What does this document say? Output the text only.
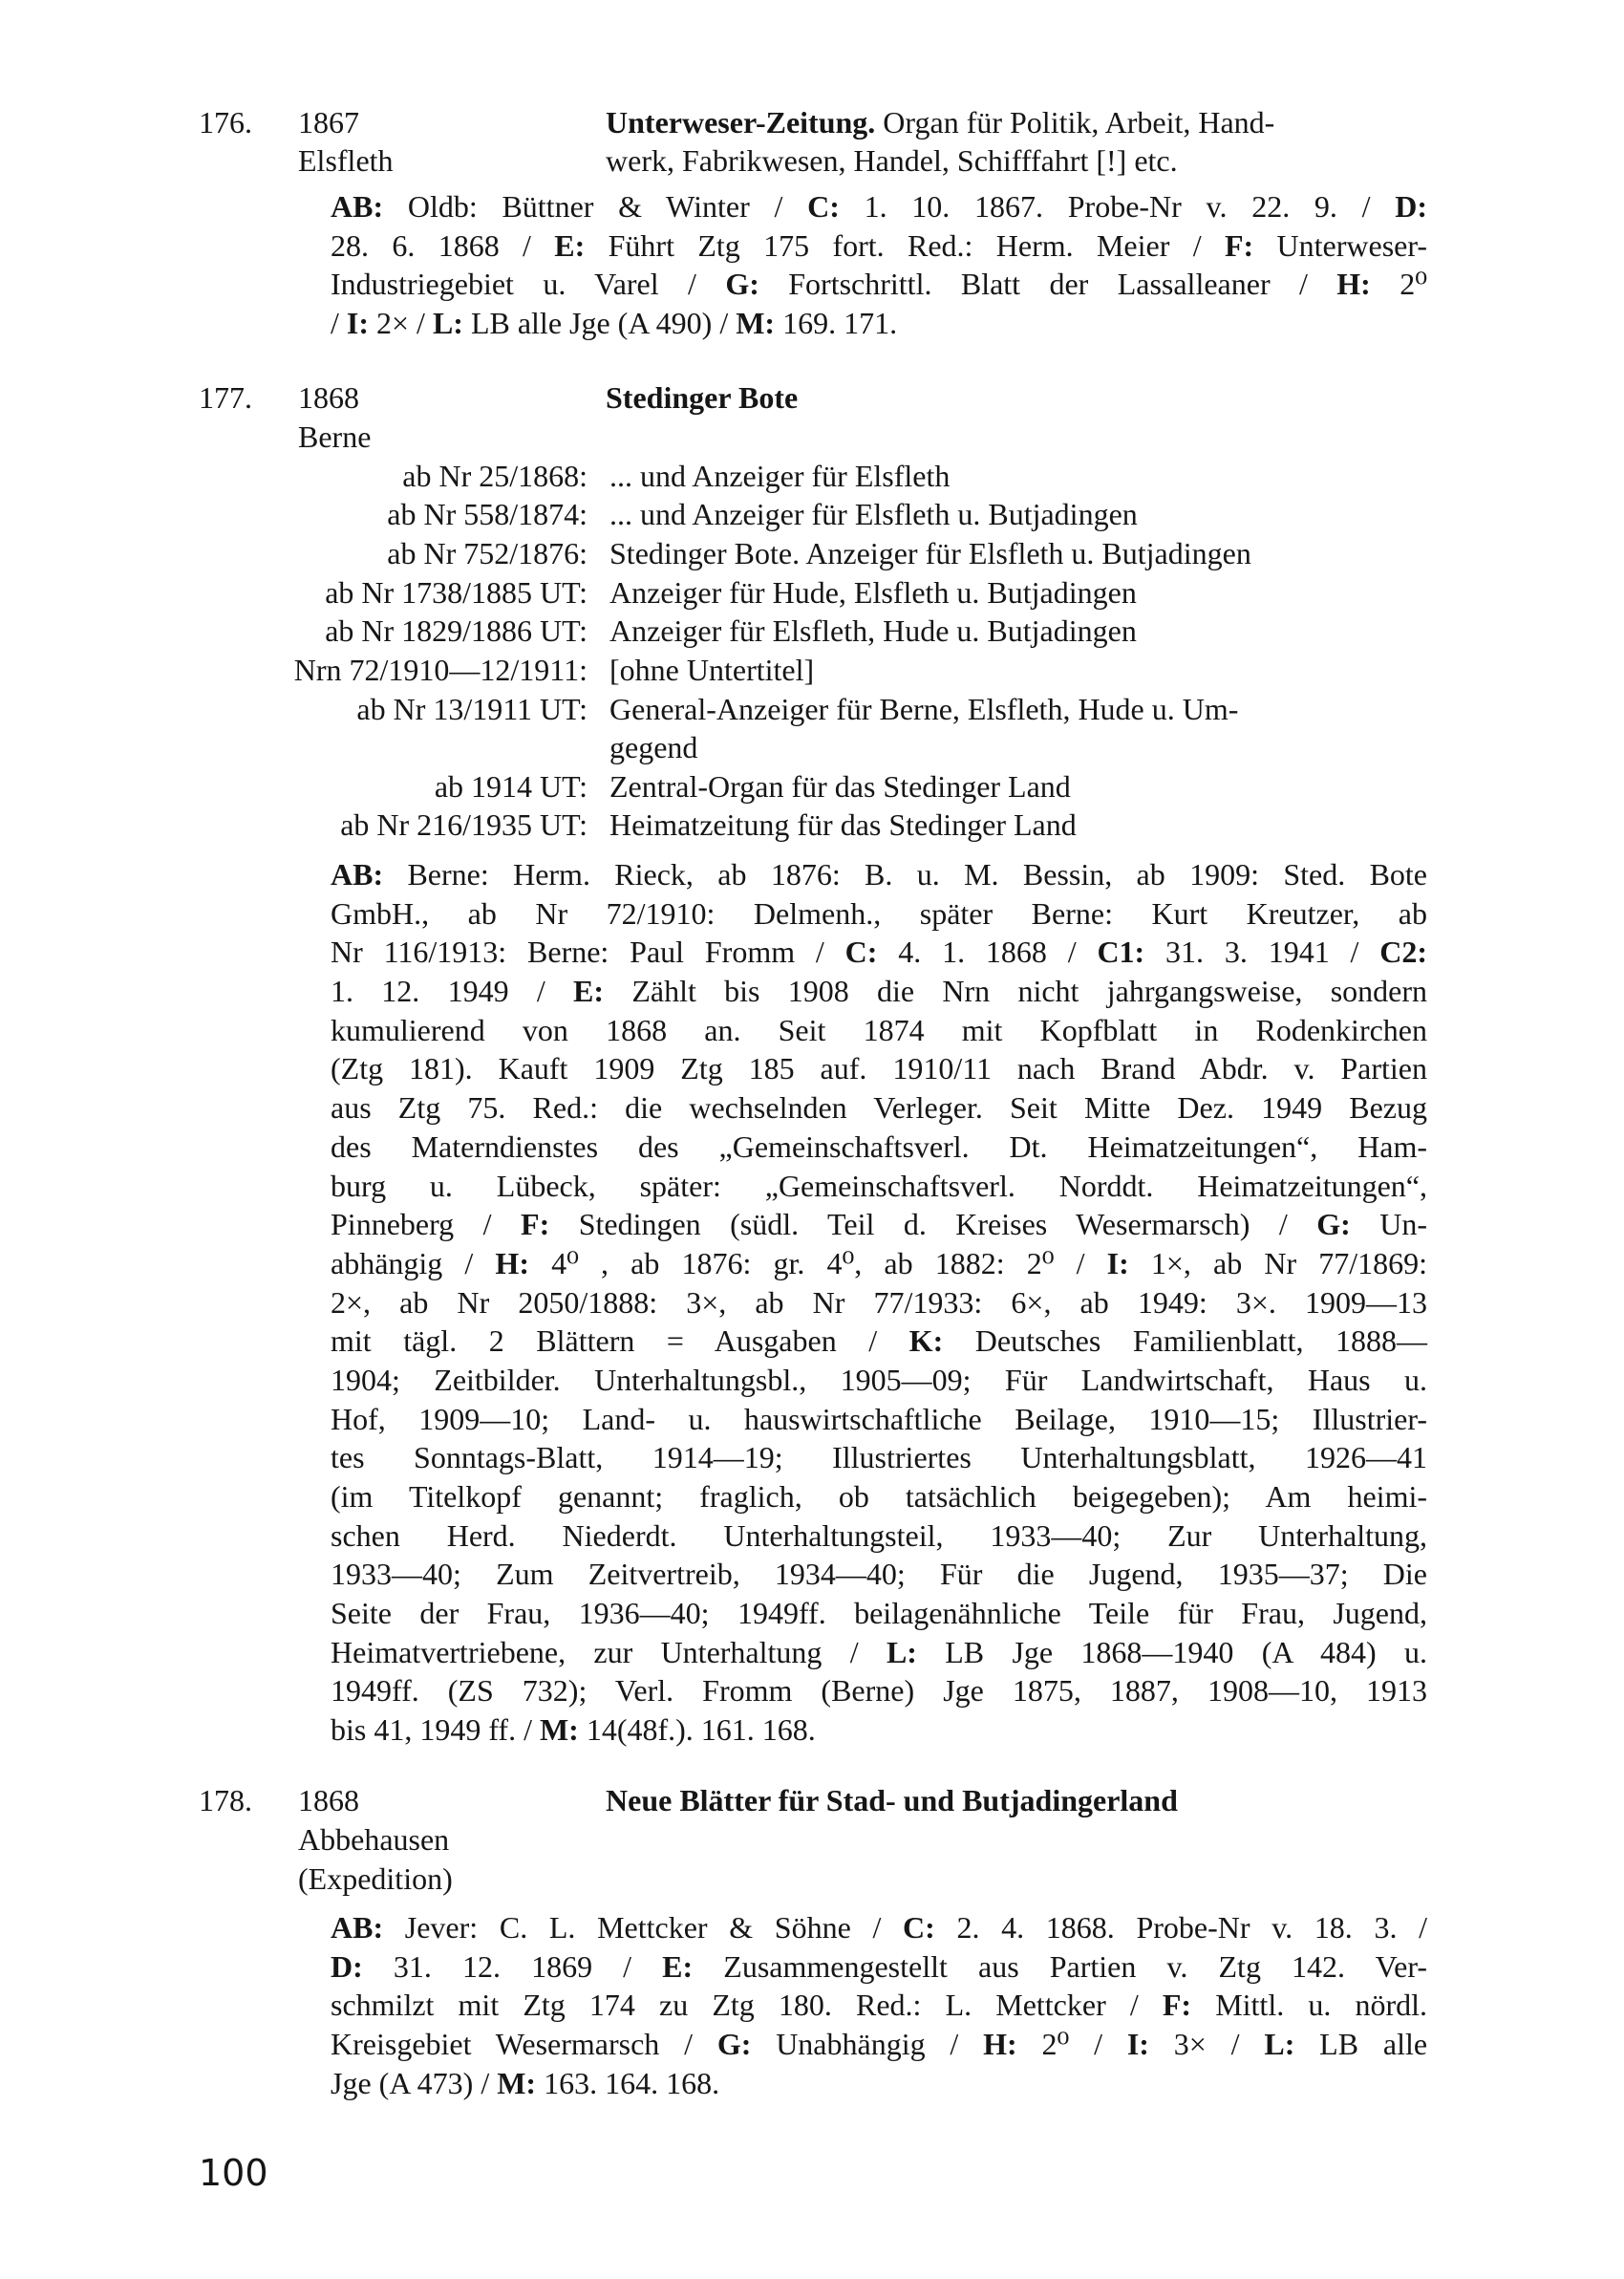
176. 1867
Elsfleth
Unterweser-Zeitung. Organ für Politik, Arbeit, Hand-
werk, Fabrikwesen, Handel, Schifffahrt [!] etc.
AB: Oldb: Büttner & Winter / C: 1. 10. 1867. Probe-Nr v. 22. 9. / D:
28. 6. 1868 / E: Führt Ztg 175 fort. Red.: Herm. Meier / F: Unterweser-
Industriegebiet u. Varel / G: Fortschrittl. Blatt der Lassalleaner / H: 2⁰
/ I: 2× / L: LB alle Jge (A 490) / M: 169. 171.
177. 1868
Berne
Stedinger Bote
ab Nr 25/1868: ... und Anzeiger für Elsfleth
ab Nr 558/1874: ... und Anzeiger für Elsfleth u. Butjadingen
ab Nr 752/1876: Stedinger Bote. Anzeiger für Elsfleth u. Butjadingen
ab Nr 1738/1885 UT: Anzeiger für Hude, Elsfleth u. Butjadingen
ab Nr 1829/1886 UT: Anzeiger für Elsfleth, Hude u. Butjadingen
Nrn 72/1910—12/1911: [ohne Untertitel]
ab Nr 13/1911 UT: General-Anzeiger für Berne, Elsfleth, Hude u. Um-
gegend
ab 1914 UT: Zentral-Organ für das Stedinger Land
ab Nr 216/1935 UT: Heimatzeitung für das Stedinger Land
AB: Berne: Herm. Rieck, ab 1876: B. u. M. Bessin, ab 1909: Sted. Bote
GmbH., ab Nr 72/1910: Delmenh., später Berne: Kurt Kreutzer, ab
Nr 116/1913: Berne: Paul Fromm / C: 4. 1. 1868 / C1: 31. 3. 1941 / C2:
1. 12. 1949 / E: Zählt bis 1908 die Nrn nicht jahrgangsweise, sondern
kumulierend von 1868 an. Seit 1874 mit Kopfblatt in Rodenkirchen
(Ztg 181). Kauft 1909 Ztg 185 auf. 1910/11 nach Brand Abdr. v. Partien
aus Ztg 75. Red.: die wechselnden Verleger. Seit Mitte Dez. 1949 Bezug
des Materndienstes des „Gemeinschaftsverl. Dt. Heimatzeitungen“, Ham-
burg u. Lübeck, später: „Gemeinschaftsverl. Norddt. Heimatzeitungen“,
Pinneberg / F: Stedingen (südl. Teil d. Kreises Wesermarsch) / G: Un-
abhängig / H: 4⁰ , ab 1876: gr. 4⁰, ab 1882: 2⁰ / I: 1×, ab Nr 77/1869:
2×, ab Nr 2050/1888: 3×, ab Nr 77/1933: 6×, ab 1949: 3×. 1909—13
mit tägl. 2 Blättern = Ausgaben / K: Deutsches Familienblatt, 1888—
1904; Zeitbilder. Unterhaltungsbl., 1905—09; Für Landwirtschaft, Haus u.
Hof, 1909—10; Land- u. hauswirtschaftliche Beilage, 1910—15; Illustrier-
tes Sonntags-Blatt, 1914—19; Illustriertes Unterhaltungsblatt, 1926—41
(im Titelkopf genannt; fraglich, ob tatsächlich beigegeben); Am heimi-
schen Herd. Niederdt. Unterhaltungsteil, 1933—40; Zur Unterhaltung,
1933—40; Zum Zeitvertreib, 1934—40; Für die Jugend, 1935—37; Die
Seite der Frau, 1936—40; 1949ff. beilagenähnliche Teile für Frau, Jugend,
Heimatvertriebene, zur Unterhaltung / L: LB Jge 1868—1940 (A 484) u.
1949ff. (ZS 732); Verl. Fromm (Berne) Jge 1875, 1887, 1908—10, 1913
bis 41, 1949 ff. / M: 14(48f.). 161. 168.
178. 1868
Abbehausen
(Expedition)
Neue Blätter für Stad- und Butjadingerland
AB: Jever: C. L. Mettcker & Söhne / C: 2. 4. 1868. Probe-Nr v. 18. 3. /
D: 31. 12. 1869 / E: Zusammengestellt aus Partien v. Ztg 142. Ver-
schmilzt mit Ztg 174 zu Ztg 180. Red.: L. Mettcker / F: Mittl. u. nördl.
Kreisgebiet Wesermarsch / G: Unabhängig / H: 2⁰ / I: 3× / L: LB alle
Jge (A 473) / M: 163. 164. 168.
100
